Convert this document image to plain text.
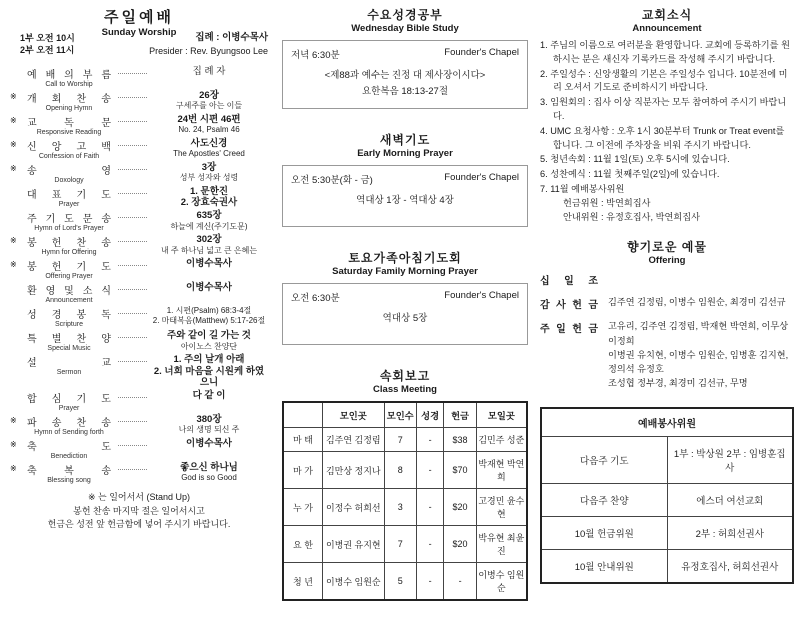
주일예배
Sunday Worship
1부 오전 10시
2부 오전 11시
집례 : 이병수목사
Presider : Rev. Byungsoo Lee
예 배 의 부 름
Call to Worship
집 례 자
※	개 회 찬 송
Opening Hymn
26장
구세주를 아는 이들
※	교	독	문
Responsive Reading
24번 시편 46편
No. 24, Psalm 46
※	신 앙 고 백
Confession of Faith
사도신경
The Apostles' Creed
※	송	영
Doxology
3장
성부 성자와 성령
대 표 기 도
Prayer
1. 문한진
2. 장효숙권사
주 기 도 문 송
Hymn of Lord's Prayer
635장
하늘에 계신(주기도문)
※	봉 헌 찬 송
Hymn for Offering
302장
내 주 하나님 넓고 큰 은혜는
※	봉 헌 기 도
Offering Prayer
이병수목사
환 영 및 소 식
Announcement
이병수목사
성 경 봉 독
Scripture
1. 시편(Psalm) 68:3-4절
2. 마태복음(Matthew) 5:17-26절
특 별 찬 양
Special Music
주와 같이 길 가는 것
아이노스 찬양단
설	교
Sermon
1. 주의 날개 아래
2. 너희 마음을 시원케 하였으니
합 심 기 도
Prayer
다 같 이
※	파 송 찬 송
Hymn of Sending forth
380장
나의 생명 되신 주
※	축	도
Benediction
이병수목사
※	축	복	송
Blessing song
좋으신 하나님
God is so Good
※ 는 일어서서 (Stand Up)
봉헌 찬송 마지막 절은 일어서시고
헌금은 성전 앞 헌금함에 넣어 주시기 바랍니다.
수요성경공부
Wednesday Bible Study
저녁 6:30분	Founder's Chapel
<제88과 예수는 진정 대 제사장이시다>
요한복음 18:13-27절
새벽기도
Early Morning Prayer
오전 5:30분(화 - 금)	Founder's Chapel
역대상 1장 - 역대상 4장
토요가족아침기도회
Saturday Family Morning Prayer
오전 6:30분	Founder's Chapel
역대상 5장
속회보고
Class Meeting
	모인곳	모인수	성경	헌금	모일곳
마 태	김주연 김정림	7	-	$38	김민주 성준
마 가	김만상 정지나	8	-	$70	박재현 박연희
누 가	이정수 허희선	3	-	$20	고경민 윤수현
요 한	이병권 유지현	7	-	$20	박유현 최윤진
청 년	이병수 임원순	5	-	-	이병수 임원순
교회소식
Announcement
1. 주님의 이름으로 여러분을 환영합니다. 교회에 등록하기를 원하시는 분은 새신자 기록카드를 작성해 주시기 바랍니다.
2. 주일성수 : 신앙생활의 기본은 주일성수 입니다. 10분전에 미리 오셔서 기도로 준비하시기 바랍니다.
3. 임원회의 : 집사 이상 직분자는 모두 참여하여 주시기 바랍니다.
4. UMC 요청사항 : 오후 1시 30분부터 Trunk or Treat event를 합니다. 그 이전에 주차장을 비워 주시기 바랍니다.
5. 청년속회 : 11월 1일(토) 오후 5시에 있습니다.
6. 성찬예식 : 11월 첫째주일(2일)에 있습니다.
7. 11월 예배봉사위원
헌금위원 : 박연희집사
안내위원 : 유정호집사, 박연희집사
향기로운 예물
Offering
십 일 조
감 사 헌 금 김주연 김정림, 이병수 임원순, 최경미 김선규
주 일 헌 금 고유리, 김주연 김정림, 박재현 박연희, 이무상 이정희
이병권 유치현, 이병수 임원순, 임병훈 김지현, 정의석 유정호
조성협 정부경, 최경미 김선규, 무명
예배봉사위원	
다음주 기도	1부 : 박상원 2부 : 임병훈집사
다음주 찬양	에스더 여선교회
10월 헌금위원	2부 : 허희선권사
10월 안내위원	유정호집사, 허희선권사
